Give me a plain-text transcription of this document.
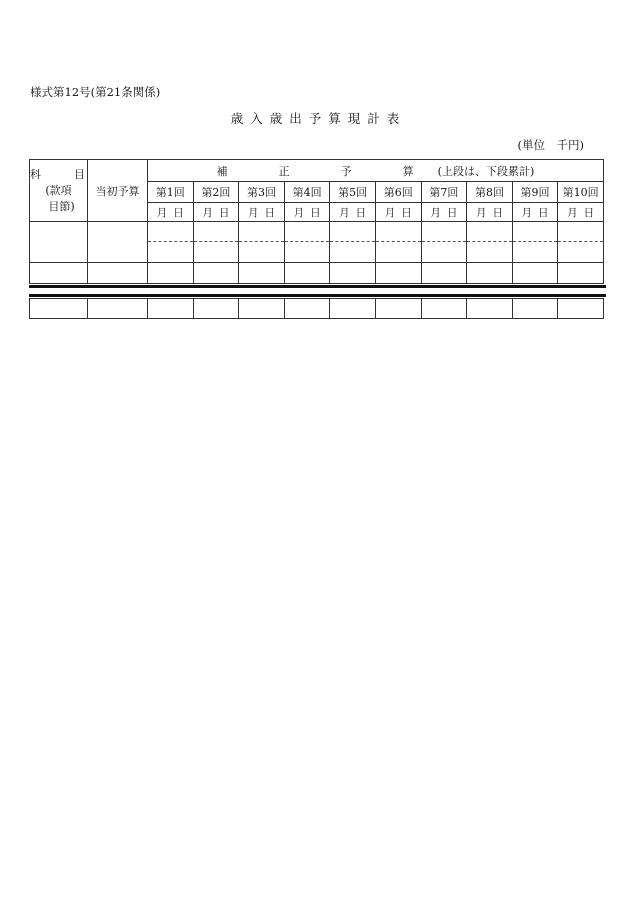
様式第12号(第21条関係)
歳入歳出予算現計表
(単位　千円)
科 目
(款項
目節)	当初予算	補　正　予　算 (上段は、下段累計)									
		第1回	第2回	第3回	第4回	第5回	第6回	第7回	第8回	第9回	第10回
		月 日	月 日	月 日	月 日	月 日	月 日	月 日	月 日	月 日	月 日
